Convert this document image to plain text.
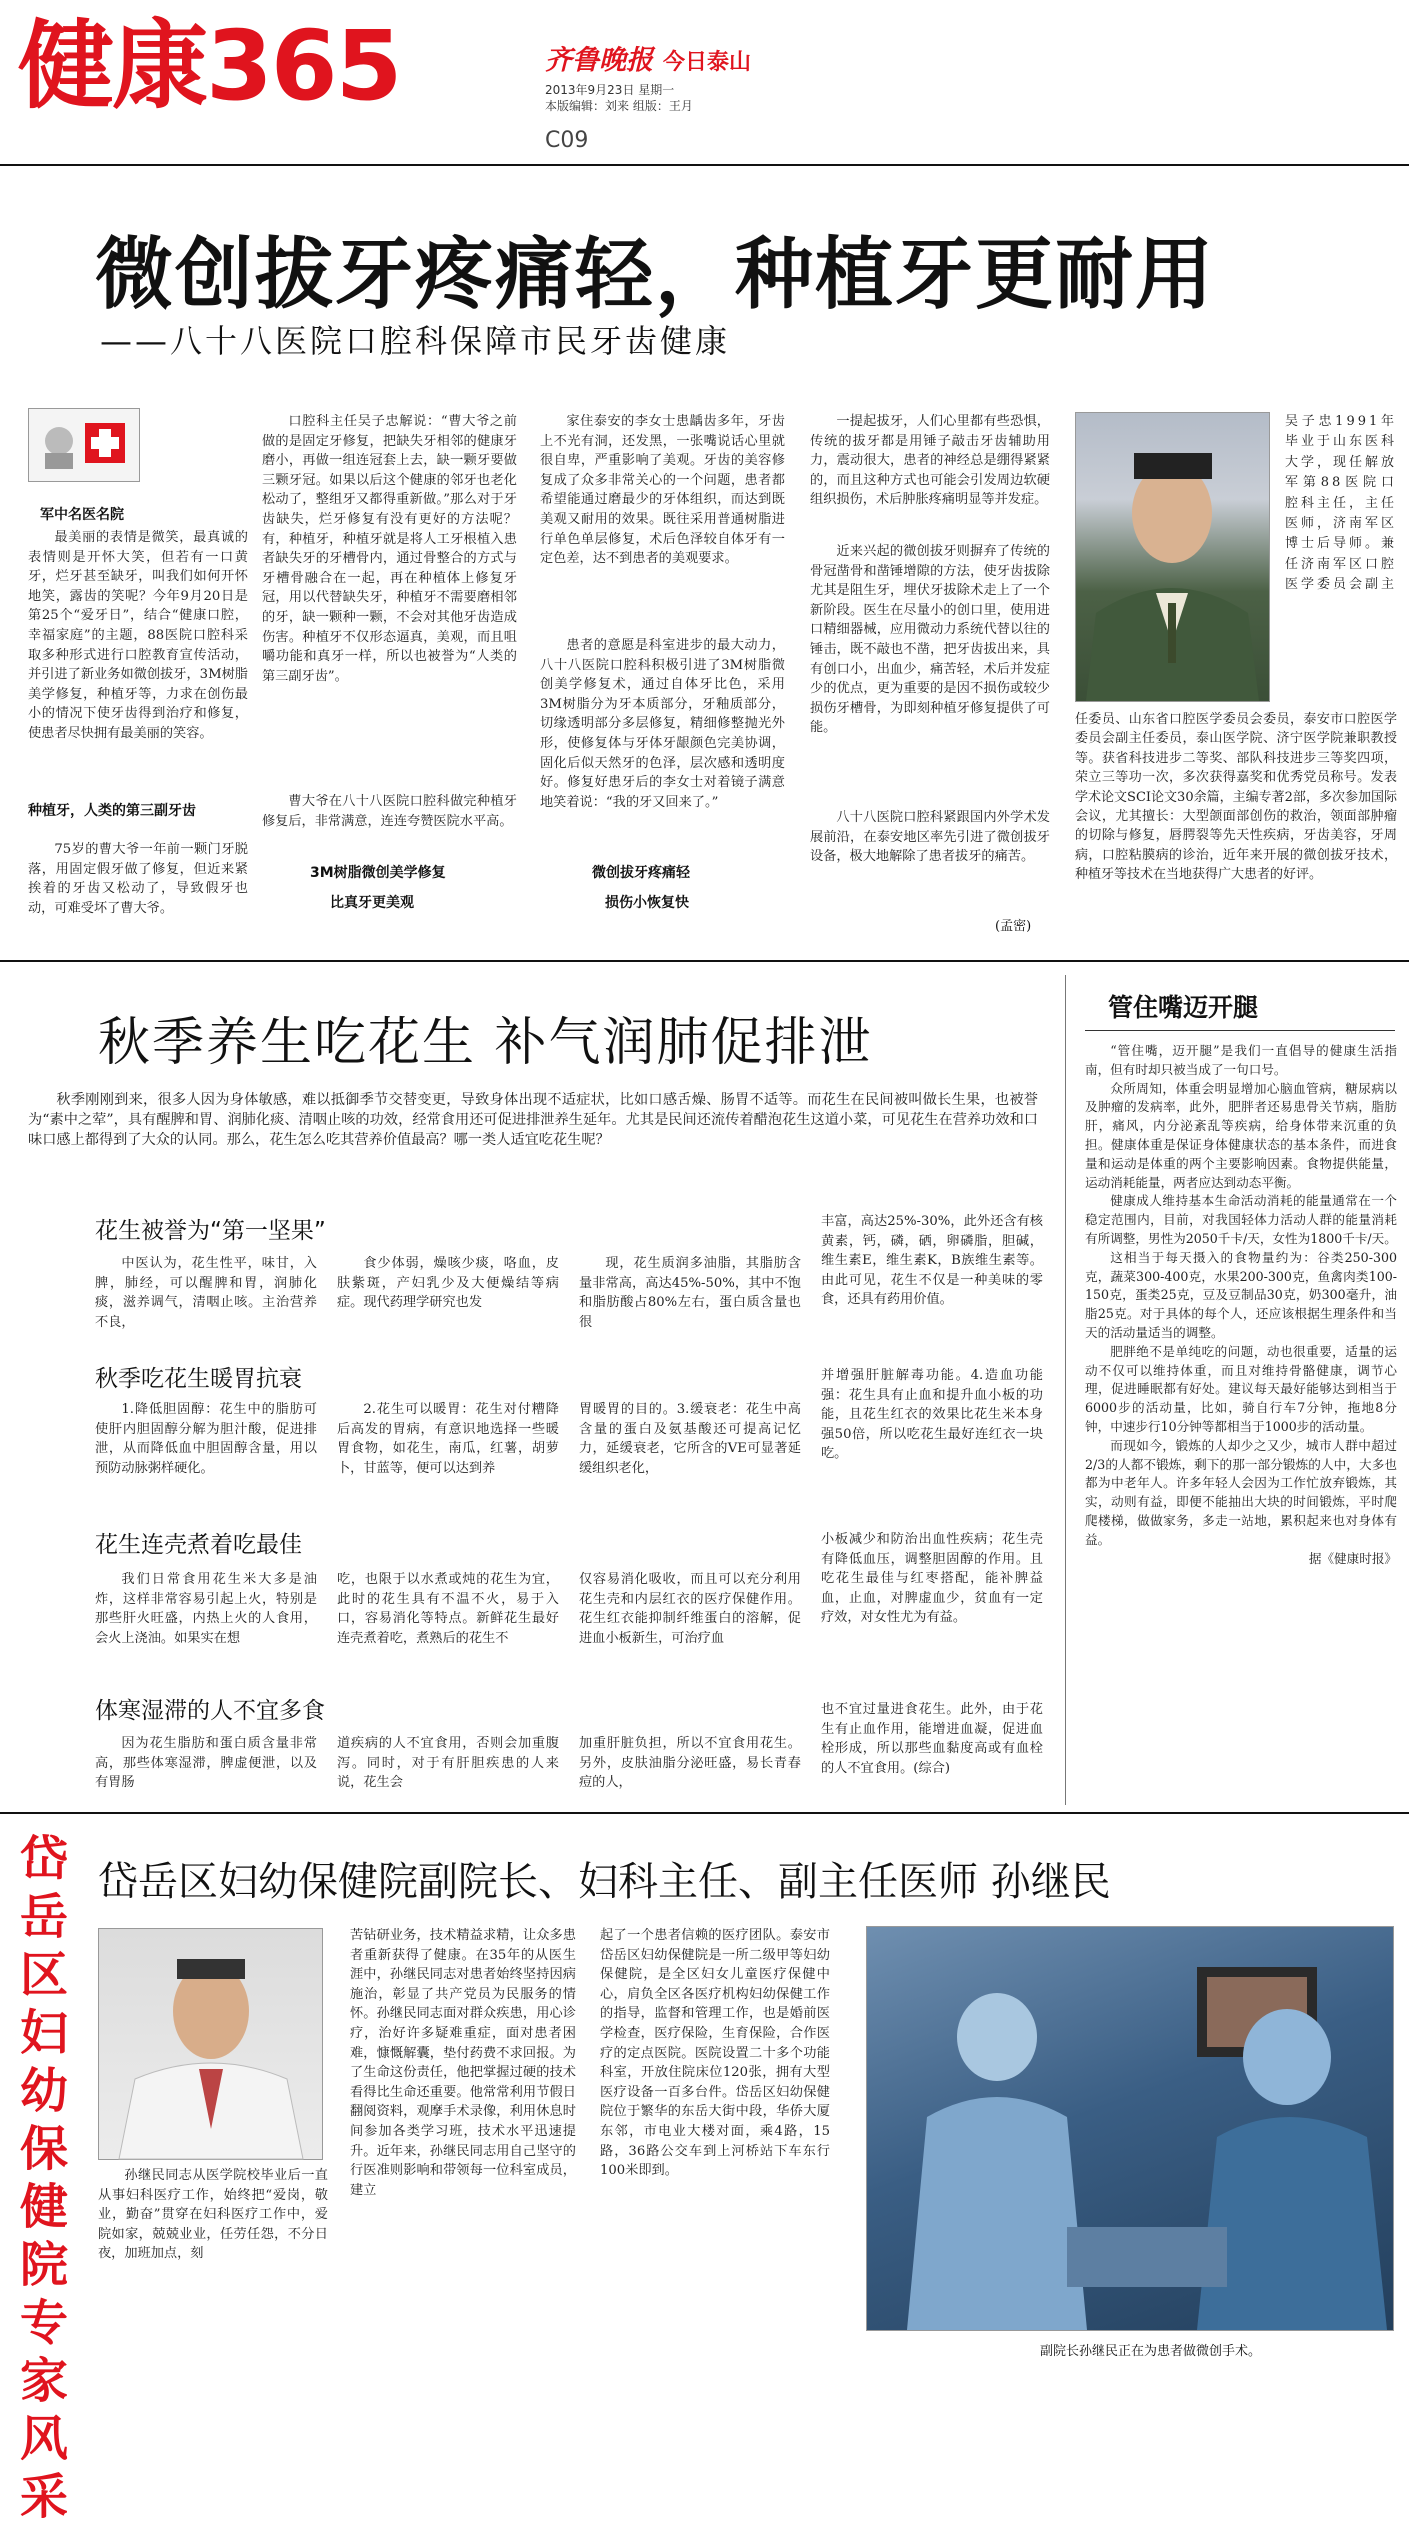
健康365	齐鲁晚报 今日泰山
2013年9月23日 星期一
本版编辑：刘来 组版：王月
C09
微创拔牙疼痛轻，种植牙更耐用
——八十八医院口腔科保障市民牙齿健康
军中名医名院

最美丽的表情是微笑，最真诚的表情则是开怀大笑，但若有一口黄牙，烂牙甚至缺牙，叫我们如何开怀地笑，露齿的笑呢？今年9月20日是第25个“爱牙日”，结合“健康口腔，幸福家庭”的主题，88医院口腔科采取多种形式进行口腔教育宣传活动，并引进了新业务如微创拔牙，3M树脂美学修复，种植牙等，力求在创伤最小的情况下使牙齿得到治疗和修复，使患者尽快拥有最美丽的笑容。

种植牙，人类的第三副牙齿

75岁的曹大爷一年前一颗门牙脱落，用固定假牙做了修复，但近来紧挨着的牙齿又松动了，导致假牙也动，可难受坏了曹大爷。

口腔科主任吴子忠解说：“曹大爷之前做的是固定牙修复，把缺失牙相邻的健康牙磨小，再做一组连冠套上去，缺一颗牙要做三颗牙冠。如果以后这个健康的邻牙也老化松动了，整组牙又都得重新做。”那么对于牙齿缺失，烂牙修复有没有更好的方法呢？有，种植牙，种植牙就是将人工牙根植入患者缺失牙的牙槽骨内，通过骨整合的方式与牙槽骨融合在一起，再在种植体上修复牙冠，用以代替缺失牙，种植牙不需要磨相邻的牙，缺一颗种一颗，不会对其他牙齿造成伤害。种植牙不仅形态逼真，美观，而且咀嚼功能和真牙一样，所以也被誉为“人类的第三副牙齿”。

曹大爷在八十八医院口腔科做完种植牙修复后，非常满意，连连夸赞医院水平高。

3M树脂微创美学修复
比真牙更美观

家住泰安的李女士患龋齿多年，牙齿上不光有洞，还发黑，一张嘴说话心里就很自卑，严重影响了美观。牙齿的美容修复成了众多非常关心的一个问题，患者都希望能通过磨最少的牙体组织，而达到既美观又耐用的效果。既往采用普通树脂进行单色单层修复，术后色泽较自体牙有一定色差，达不到患者的美观要求。

患者的意愿是科室进步的最大动力，八十八医院口腔科积极引进了3M树脂微创美学修复术，通过自体牙比色，采用3M树脂分为牙本质部分，牙釉质部分，切缘透明部分多层修复，精细修整抛光外形，使修复体与牙体牙龈颜色完美协调，固化后似天然牙的色泽，层次感和透明度好。修复好患牙后的李女士对着镜子满意地笑着说：“我的牙又回来了。”

微创拔牙疼痛轻
损伤小恢复快

一提起拔牙，人们心里都有些恐惧，传统的拔牙都是用锤子敲击牙齿辅助用力，震动很大，患者的神经总是绷得紧紧的，而且这种方式也可能会引发周边软硬组织损伤，术后肿胀疼痛明显等并发症。

近来兴起的微创拔牙则摒弃了传统的骨冠凿骨和凿锤增隙的方法，使牙齿拔除尤其是阻生牙，埋伏牙拔除术走上了一个新阶段。医生在尽量小的创口里，使用进口精细器械，应用微动力系统代替以往的锤击，既不敲也不凿，把牙齿拔出来，具有创口小，出血少，痛苦轻，术后并发症少的优点，更为重要的是因不损伤或较少损伤牙槽骨，为即刻种植牙修复提供了可能。

八十八医院口腔科紧跟国内外学术发展前沿，在泰安地区率先引进了微创拔牙设备，极大地解除了患者拔牙的痛苦。

(孟密)
吴子忠1991年毕业于山东医科大学，现任解放军第88医院口腔科主任，主任医师，济南军区博士后导师。兼任济南军区口腔医学委员会副主
任委员、山东省口腔医学委员会委员，泰安市口腔医学委员会副主任委员，泰山医学院、济宁医学院兼职教授等。获省科技进步二等奖、部队科技进步三等奖四项，荣立三等功一次，多次获得嘉奖和优秀党员称号。发表学术论文SCI论文30余篇，主编专著2部，多次参加国际会议，尤其擅长：大型颌面部创伤的救治，领面部肿瘤的切除与修复，唇腭裂等先天性疾病，牙齿美容，牙周病，口腔粘膜病的诊治，近年来开展的微创拔牙技术，种植牙等技术在当地获得广大患者的好评。
秋季养生吃花生 补气润肺促排泄

秋季刚刚到来，很多人因为身体敏感，难以抵御季节交替变更，导致身体出现不适症状，比如口感舌燥、肠胃不适等。而花生在民间被叫做长生果，也被誉为“素中之荤”，具有醒脾和胃、润肺化痰、清咽止咳的功效，经常食用还可促进排泄养生延年。尤其是民间还流传着醋泡花生这道小菜，可见花生在营养功效和口味口感上都得到了大众的认同。那么，花生怎么吃其营养价值最高？哪一类人适宜吃花生呢？

花生被誉为“第一坚果”

中医认为，花生性平，味甘，入脾，肺经，可以醒脾和胃，润肺化痰，滋养调气，清咽止咳。主治营养不良，

食少体弱，燥咳少痰，咯血，皮肤紫斑，产妇乳少及大便燥结等病症。现代药理学研究也发

现，花生质润多油脂，其脂肪含量非常高，高达45%-50%，其中不饱和脂肪酸占80%左右，蛋白质含量也很

丰富，高达25%-30%，此外还含有核黄素，钙，磷，硒，卵磷脂，胆碱，维生素E，维生素K，B族维生素等。由此可见，花生不仅是一种美味的零食，还具有药用价值。
秋季吃花生暖胃抗衰

1.降低胆固醇：花生中的脂肪可使肝内胆固醇分解为胆汁酸，促进排泄，从而降低血中胆固醇含量，用以预防动脉粥样硬化。

2.花生可以暖胃：花生对付糟降后高发的胃病，有意识地选择一些暖胃食物，如花生，南瓜，红薯，胡萝卜，甘蓝等，便可以达到养

胃暖胃的目的。3.缓衰老：花生中高含量的蛋白及氨基酸还可提高记忆力，延缓衰老，它所含的VE可显著延缓组织老化，
并增强肝脏解毒功能。4.造血功能强：花生具有止血和提升血小板的功能，且花生红衣的效果比花生米本身强50倍，所以吃花生最好连红衣一块吃。
花生连壳煮着吃最佳

我们日常食用花生米大多是油炸，这样非常容易引起上火，特别是那些肝火旺盛，内热上火的人食用，会火上浇油。如果实在想

吃，也限于以水煮或炖的花生为宜，此时的花生具有不温不火，易于入口，容易消化等特点。新鲜花生最好连壳煮着吃，煮熟后的花生不
仅容易消化吸收，而且可以充分利用花生壳和内层红衣的医疗保健作用。花生红衣能抑制纤维蛋白的溶解，促进血小板新生，可治疗血
小板减少和防治出血性疾病；花生壳有降低血压，调整胆固醇的作用。且吃花生最佳与红枣搭配，能补脾益血，止血，对脾虚血少，贫血有一定疗效，对女性尤为有益。
体寒湿滞的人不宜多食

因为花生脂肪和蛋白质含量非常高，那些体寒湿滞，脾虚便泄，以及有胃肠

道疾病的人不宜食用，否则会加重腹泻。同时，对于有肝胆疾患的人来说，花生会
加重肝脏负担，所以不宜食用花生。另外，皮肤油脂分泌旺盛，易长青春痘的人，
也不宜过量进食花生。此外，由于花生有止血作用，能增进血凝，促进血栓形成，所以那些血黏度高或有血栓的人不宜食用。(综合)
管住嘴迈开腿

“管住嘴，迈开腿”是我们一直倡导的健康生活指南，但有时却只被当成了一句口号。

众所周知，体重会明显增加心脑血管病，糖尿病以及肿瘤的发病率，此外，肥胖者还易患骨关节病，脂肪肝，痛风，内分泌紊乱等疾病，给身体带来沉重的负担。健康体重是保证身体健康状态的基本条件，而进食量和运动是体重的两个主要影响因素。食物提供能量，运动消耗能量，两者应达到动态平衡。

健康成人维持基本生命活动消耗的能量通常在一个稳定范围内，目前，对我国轻体力活动人群的能量消耗有所调整，男性为2050千卡/天，女性为1800千卡/天。

这相当于每天摄入的食物量约为：谷类250-300克，蔬菜300-400克，水果200-300克，鱼禽肉类100-150克，蛋类25克，豆及豆制品30克，奶300毫升，油脂25克。对于具体的每个人，还应该根据生理条件和当天的活动量适当的调整。

肥胖绝不是单纯吃的问题，动也很重要，适量的运动不仅可以维持体重，而且对维持骨骼健康，调节心理，促进睡眠都有好处。建议每天最好能够达到相当于6000步的活动量，比如，骑自行车7分钟，拖地8分钟，中速步行10分钟等都相当于1000步的活动量。

而现如今，锻炼的人却少之又少，城市人群中超过2/3的人都不锻炼，剩下的那一部分锻炼的人中，大多也都为中老年人。许多年轻人会因为工作忙放弃锻炼，其实，动则有益，即便不能抽出大块的时间锻炼，平时爬爬楼梯，做做家务，多走一站地，累积起来也对身体有益。

据《健康时报》
岱岳区妇幼保健院专家风采
岱岳区妇幼保健院副院长、妇科主任、副主任医师 孙继民

孙继民同志从医学院校毕业后一直从事妇科医疗工作，始终把“爱岗，敬业，勤奋”贯穿在妇科医疗工作中，爱院如家，兢兢业业，任劳任怨，不分日夜，加班加点，刻

苦钻研业务，技术精益求精，让众多患者重新获得了健康。在35年的从医生涯中，孙继民同志对患者始终坚持因病施治，彰显了共产党员为民服务的情怀。孙继民同志面对群众疾患，用心诊疗，治好许多疑难重症，面对患者困难，慷慨解囊，垫付药费不求回报。为了生命这份责任，他把掌握过硬的技术看得比生命还重要。他常常利用节假日翻阅资料，观摩手术录像，利用休息时间参加各类学习班，技术水平迅速提升。近年来，孙继民同志用自己坚守的行医准则影响和带领每一位科室成员，建立
起了一个患者信赖的医疗团队。泰安市岱岳区妇幼保健院是一所二级甲等妇幼保健院，是全区妇女儿童医疗保健中心，肩负全区各医疗机构妇幼保健工作的指导，监督和管理工作，也是婚前医学检查，医疗保险，生育保险，合作医疗的定点医院。医院设置二十多个功能科室，开放住院床位120张，拥有大型医疗设备一百多台件。岱岳区妇幼保健院位于繁华的东岳大街中段，华侨大厦东邻，市电业大楼对面，乘4路，15路，36路公交车到上河桥站下车东行100米即到。
副院长孙继民正在为患者做微创手术。
